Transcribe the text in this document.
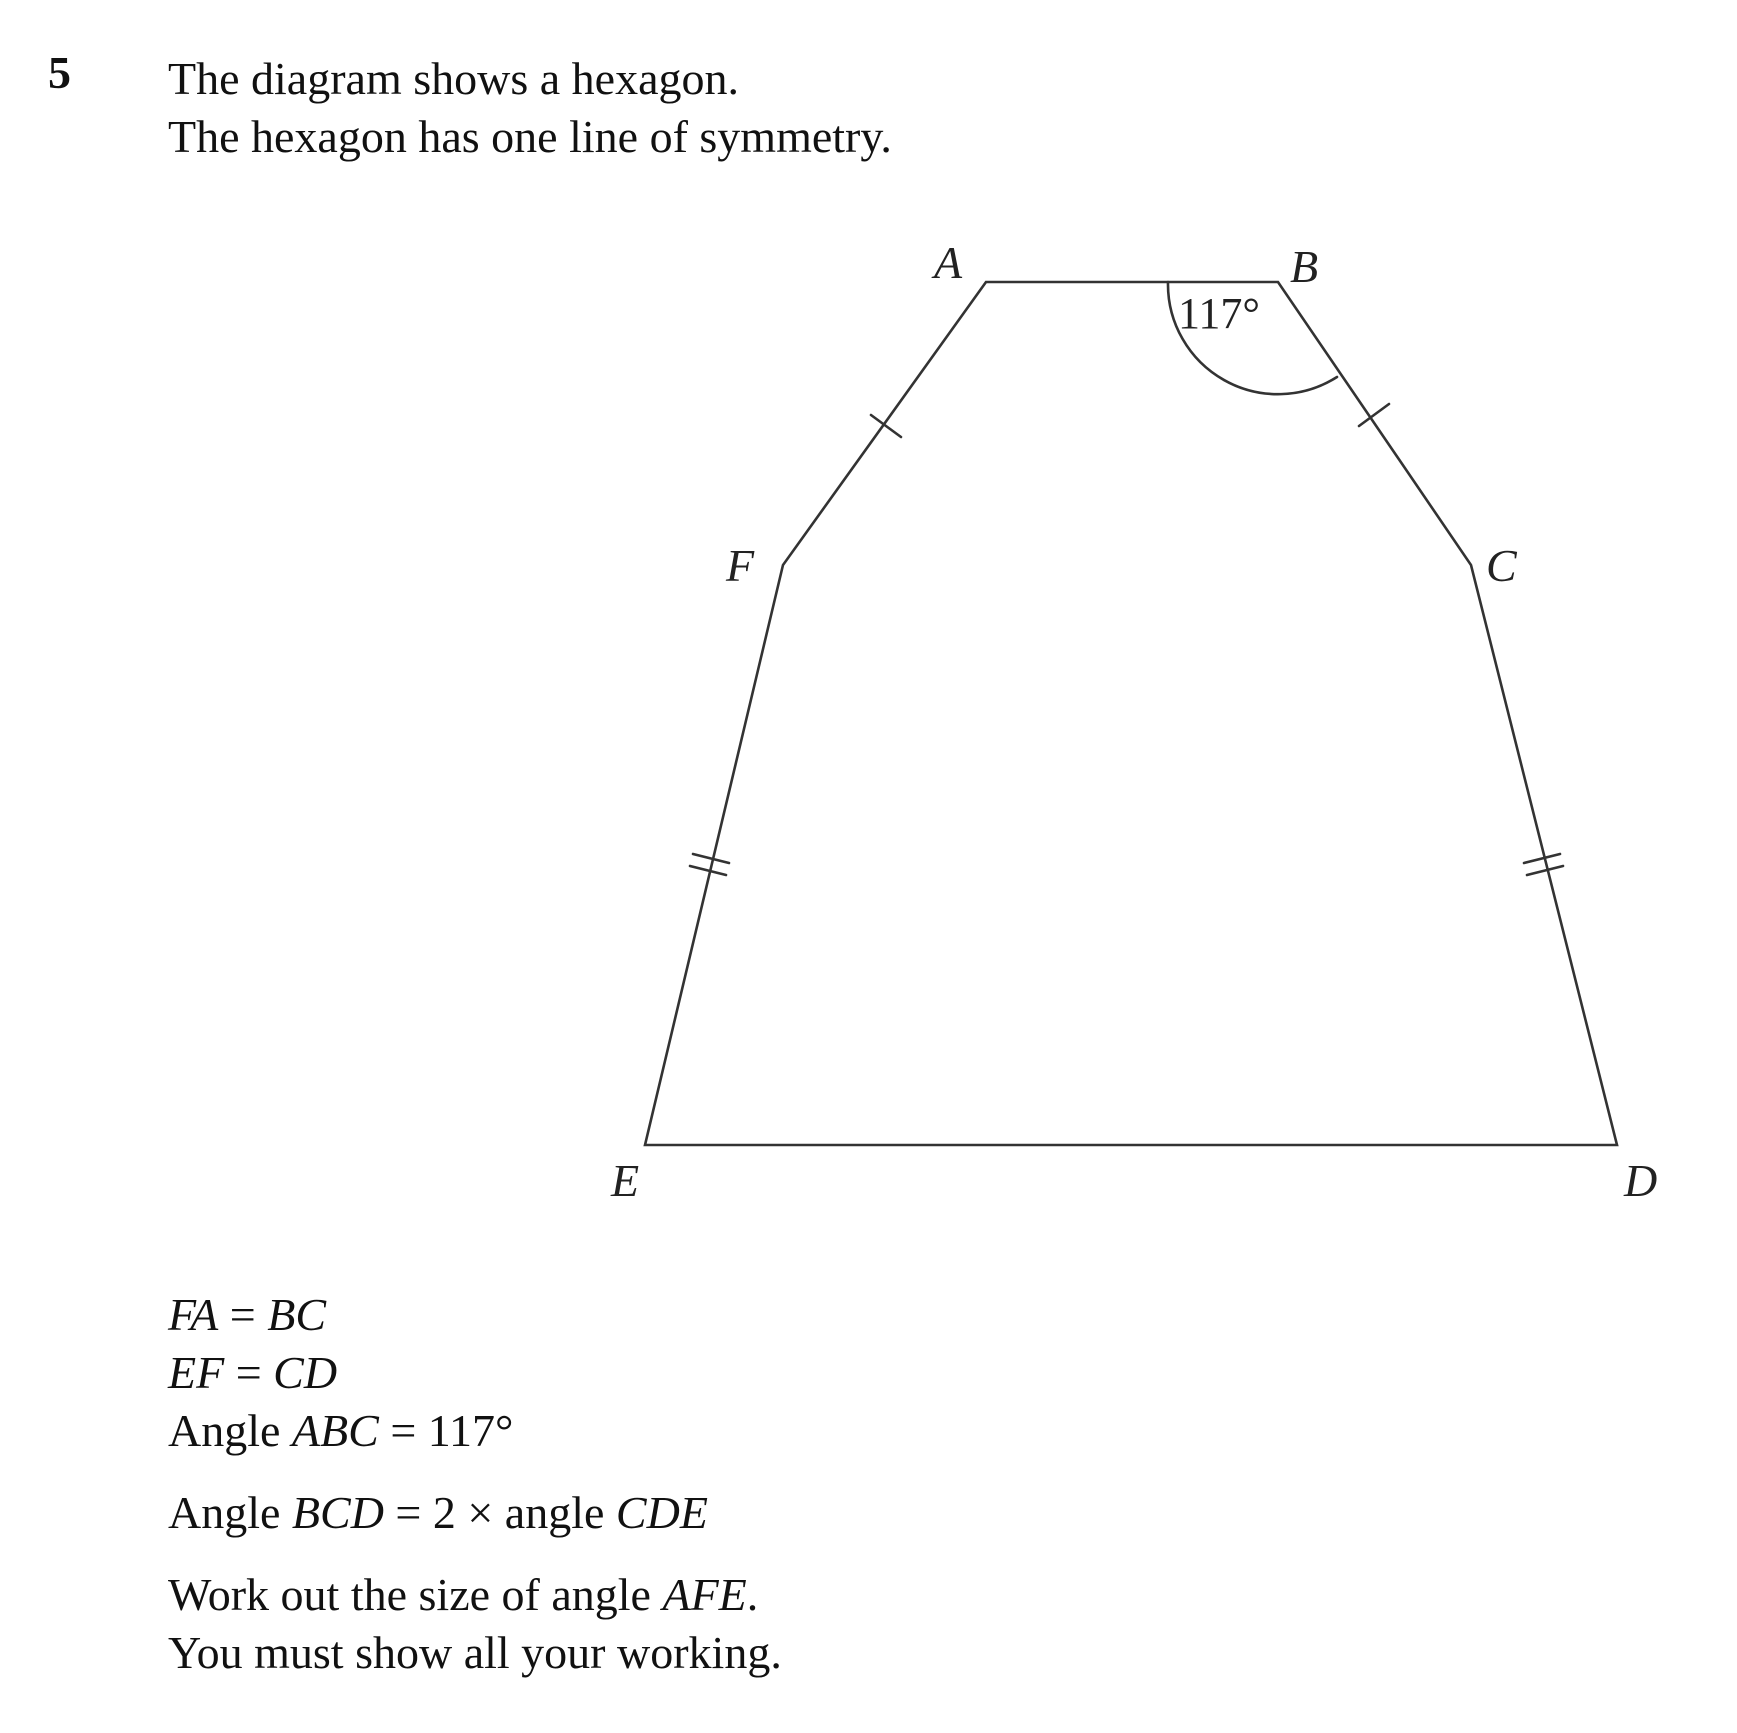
5 The diagram shows a hexagon.
The hexagon has one line of symmetry.
A	B
C
D
E
F
117°
FA = BC
EF = CD
Angle ABC = 117°
Angle BCD = 2 × angle CDE
Work out the size of angle AFE.
You must show all your working.
